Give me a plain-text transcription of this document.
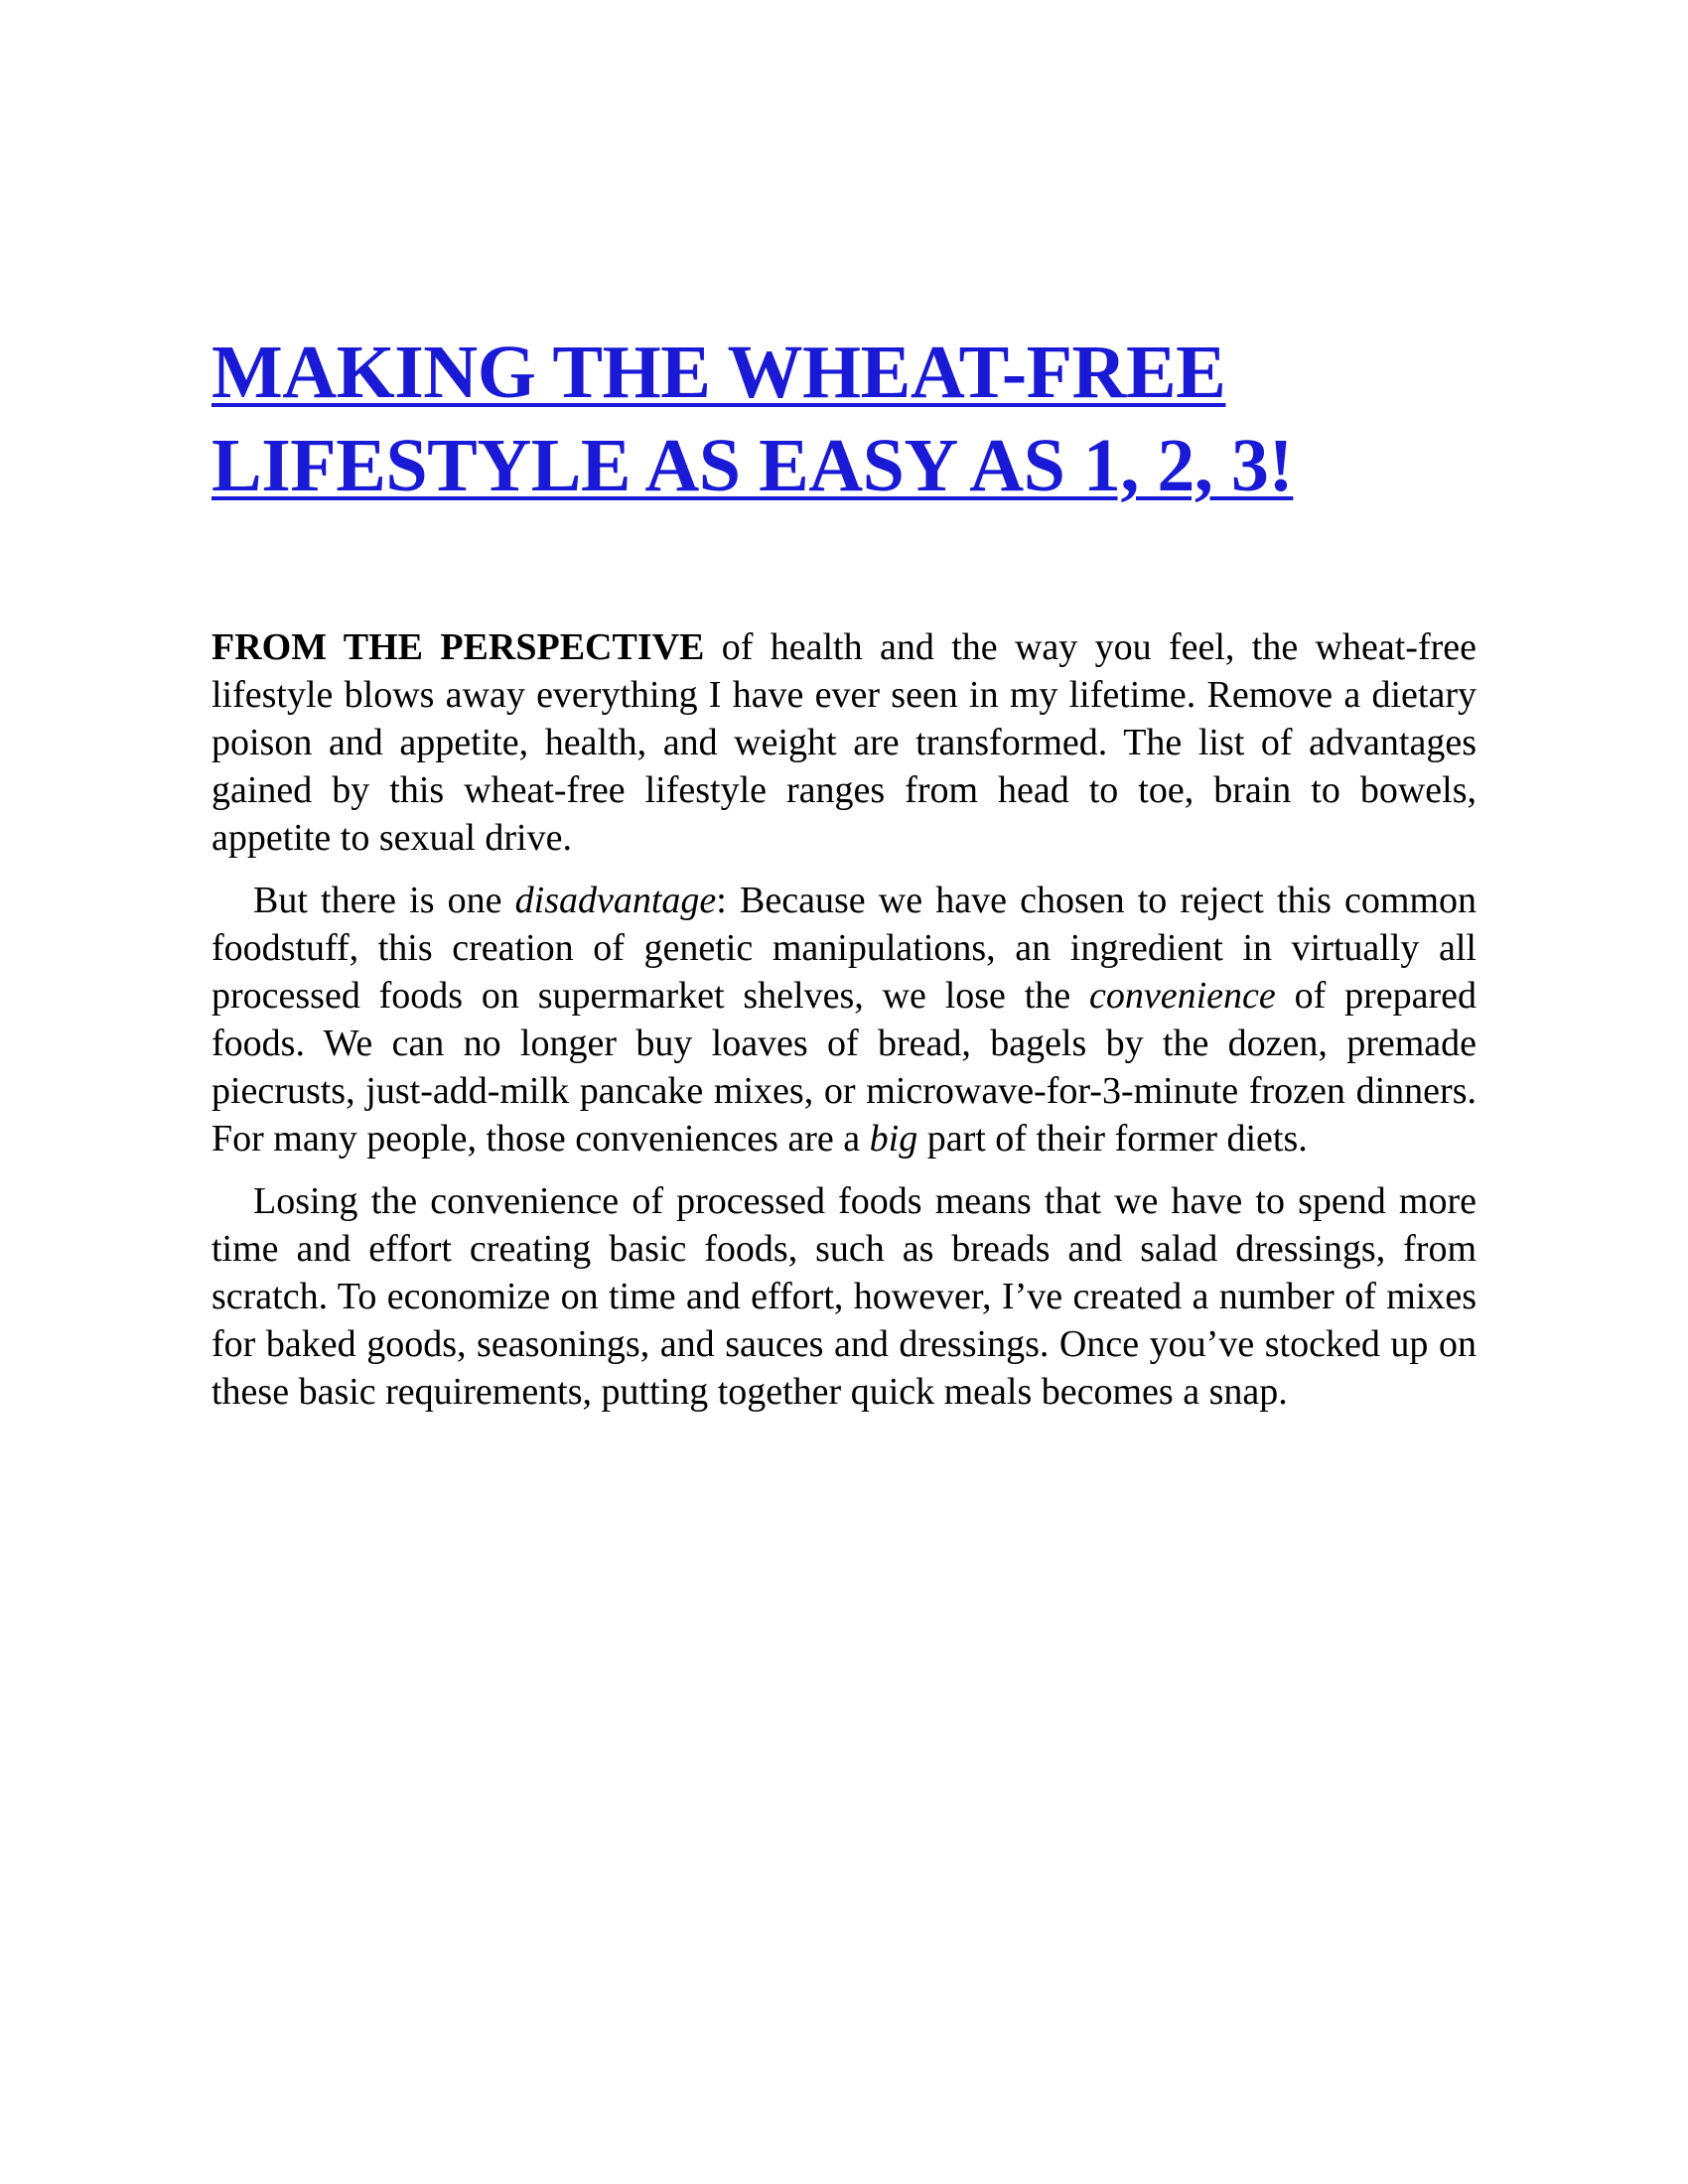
MAKING THE WHEAT-FREE
LIFESTYLE AS EASY AS 1, 2, 3!

FROM THE PERSPECTIVE of health and the way you feel, the wheat-free lifestyle blows away everything I have ever seen in my lifetime. Remove a dietary poison and appetite, health, and weight are transformed. The list of advantages gained by this wheat-free lifestyle ranges from head to toe, brain to bowels, appetite to sexual drive.

But there is one disadvantage: Because we have chosen to reject this common foodstuff, this creation of genetic manipulations, an ingredient in virtually all processed foods on supermarket shelves, we lose the convenience of prepared foods. We can no longer buy loaves of bread, bagels by the dozen, premade piecrusts, just-add-milk pancake mixes, or microwave-for-3-minute frozen dinners. For many people, those conveniences are a big part of their former diets.

Losing the convenience of processed foods means that we have to spend more time and effort creating basic foods, such as breads and salad dressings, from scratch. To economize on time and effort, however, I’ve created a number of mixes for baked goods, seasonings, and sauces and dressings. Once you’ve stocked up on these basic requirements, putting together quick meals becomes a snap.
